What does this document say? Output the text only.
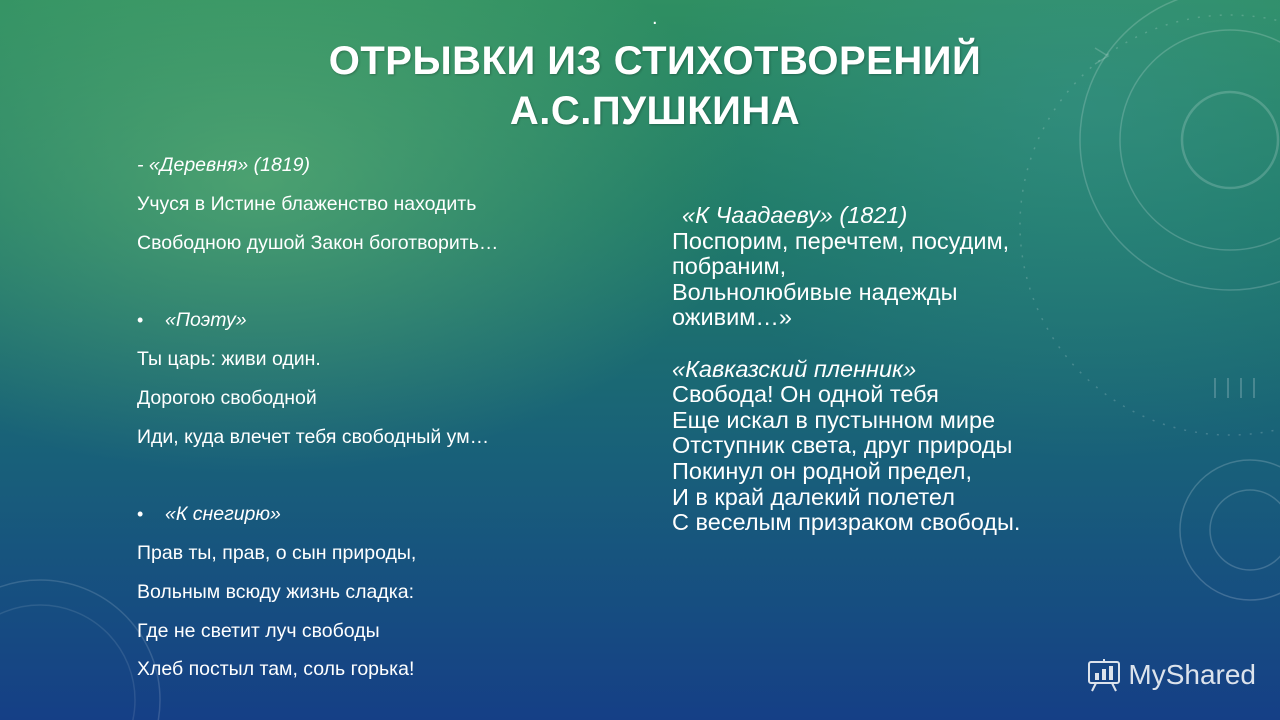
.
ОТРЫВКИ ИЗ СТИХОТВОРЕНИЙ
А.С.ПУШКИНА
- «Деревня» (1819)
Учуся в Истине блаженство находить
Свободною душой Закон боготворить…
•	«Поэту»
Ты царь: живи один.
Дорогою свободной
Иди, куда влечет тебя свободный ум…
•	«К снегирю»
Прав ты, прав, о сын природы,
Вольным всюду жизнь сладка:
Где не светит луч свободы
Хлеб постыл там, соль горька!
«К Чаадаеву» (1821)
Поспорим, перечтем, посудим,
побраним,
Вольнолюбивые надежды
оживим…»
«Кавказский пленник»
Свобода! Он одной тебя
Еще искал в пустынном мире
Отступник света, друг природы
Покинул он родной предел,
И в край далекий полетел
С веселым призраком свободы.
MyShared
